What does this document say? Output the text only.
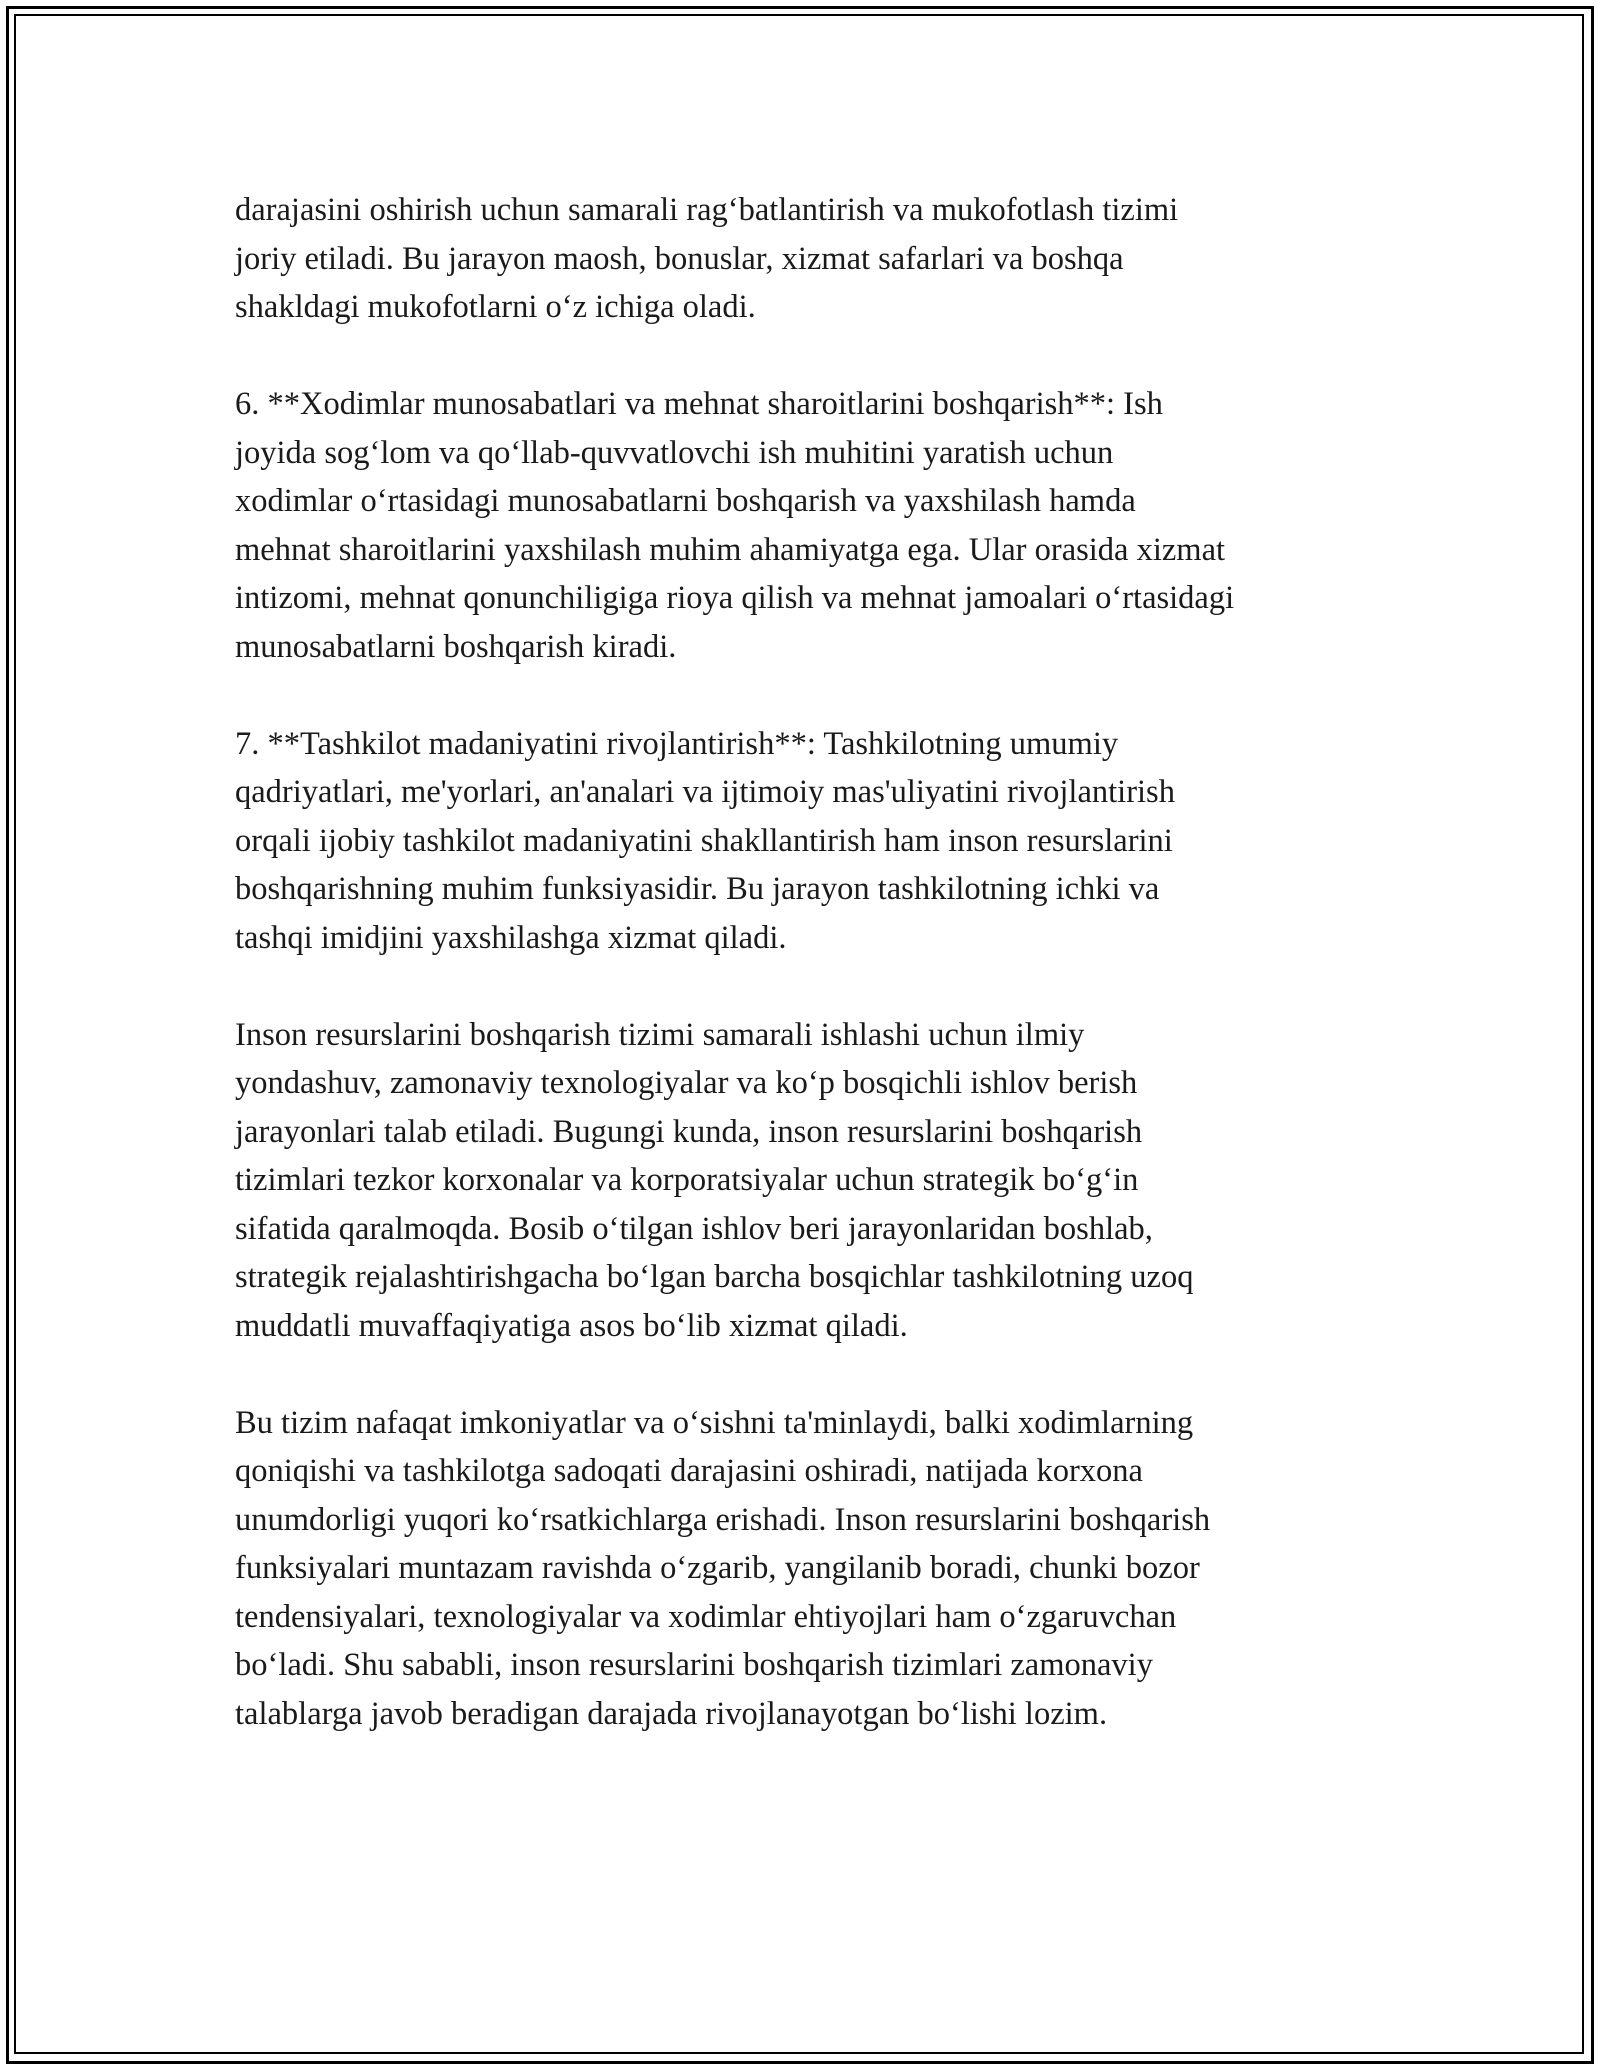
darajasini oshirish uchun samarali rag‘batlantirish va mukofotlash tizimi
joriy etiladi. Bu jarayon maosh, bonuslar, xizmat safarlari va boshqa
shakldagi mukofotlarni o‘z ichiga oladi.

6. **Xodimlar munosabatlari va mehnat sharoitlarini boshqarish**: Ish
joyida sog‘lom va qo‘llab-quvvatlovchi ish muhitini yaratish uchun
xodimlar o‘rtasidagi munosabatlarni boshqarish va yaxshilash hamda
mehnat sharoitlarini yaxshilash muhim ahamiyatga ega. Ular orasida xizmat
intizomi, mehnat qonunchiligiga rioya qilish va mehnat jamoalari o‘rtasidagi
munosabatlarni boshqarish kiradi.

7. **Tashkilot madaniyatini rivojlantirish**: Tashkilotning umumiy
qadriyatlari, me'yorlari, an'analari va ijtimoiy mas'uliyatini rivojlantirish
orqali ijobiy tashkilot madaniyatini shakllantirish ham inson resurslarini
boshqarishning muhim funksiyasidir. Bu jarayon tashkilotning ichki va
tashqi imidjini yaxshilashga xizmat qiladi.

Inson resurslarini boshqarish tizimi samarali ishlashi uchun ilmiy
yondashuv, zamonaviy texnologiyalar va ko‘p bosqichli ishlov berish
jarayonlari talab etiladi. Bugungi kunda, inson resurslarini boshqarish
tizimlari tezkor korxonalar va korporatsiyalar uchun strategik bo‘g‘in
sifatida qaralmoqda. Bosib o‘tilgan ishlov beri jarayonlaridan boshlab,
strategik rejalashtirishgacha bo‘lgan barcha bosqichlar tashkilotning uzoq
muddatli muvaffaqiyatiga asos bo‘lib xizmat qiladi.

Bu tizim nafaqat imkoniyatlar va o‘sishni ta'minlaydi, balki xodimlarning
qoniqishi va tashkilotga sadoqati darajasini oshiradi, natijada korxona
unumdorligi yuqori ko‘rsatkichlarga erishadi. Inson resurslarini boshqarish
funksiyalari muntazam ravishda o‘zgarib, yangilanib boradi, chunki bozor
tendensiyalari, texnologiyalar va xodimlar ehtiyojlari ham o‘zgaruvchan
bo‘ladi. Shu sababli, inson resurslarini boshqarish tizimlari zamonaviy
talablarga javob beradigan darajada rivojlanayotgan bo‘lishi lozim.
